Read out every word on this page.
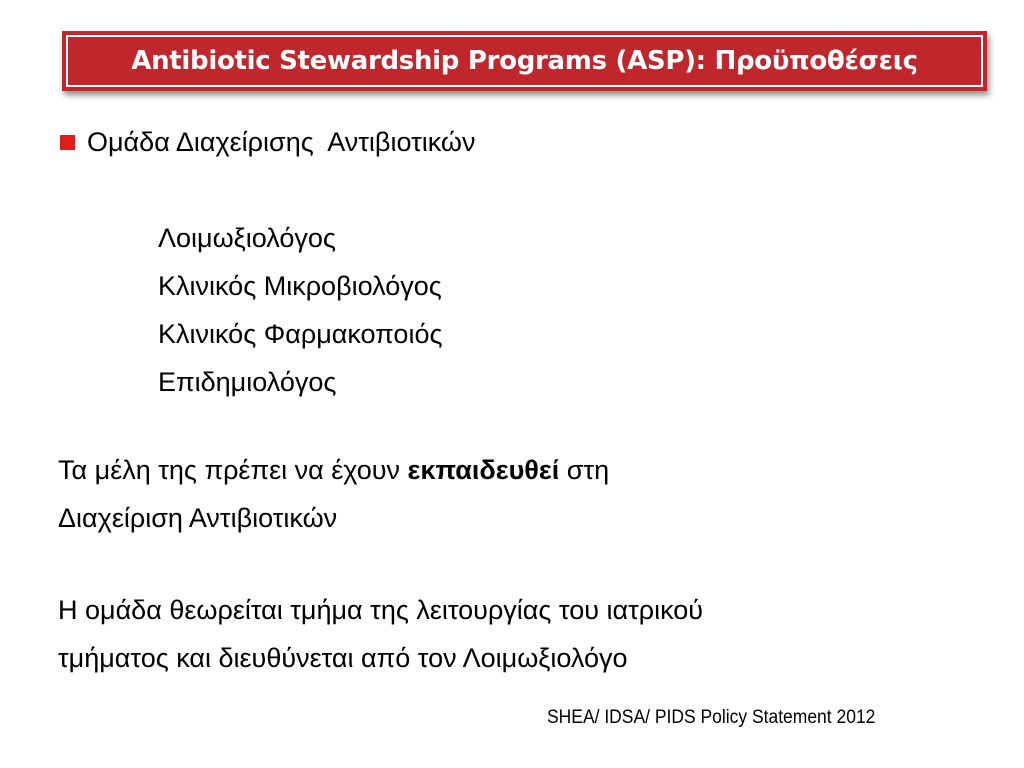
Antibiotic Stewardship Programs (ASP): Προϋποθέσεις
Ομάδα Διαχείρισης  Αντιβιοτικών
Λοιμωξιολόγος
Κλινικός Μικροβιολόγος
Κλινικός Φαρμακοποιός
Επιδημιολόγος
Τα μέλη της πρέπει να έχουν εκπαιδευθεί στη
Διαχείριση Αντιβιοτικών
Η ομάδα θεωρείται τμήμα της λειτουργίας του ιατρικού
τμήματος και διευθύνεται από τον Λοιμωξιολόγο
SHEA/ IDSA/ PIDS Policy Statement 2012
